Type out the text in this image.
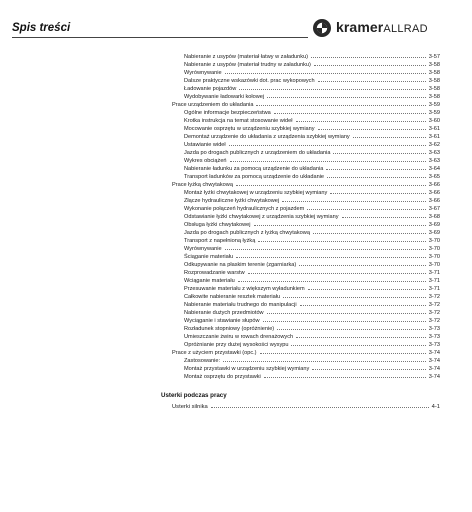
Spis treści	kramerALLRAD
Nabieranie z usypów (materiał łatwy w załadunku)	3-57
Nabieranie z usypów (materiał trudny w załadunku)	3-58
Wyrównywanie	3-58
Dalsze praktyczne wskazówki dot. prac wykopowych	3-58
Ładowanie pojazdów	3-58
Wydobywanie ładowarki kołowej	3-58
Prace urządzeniem do układania	3-59
Ogólne informacje bezpieczeństwa	3-59
Krotka instrukcja na temat stosowanie wideł	3-60
Mocowanie osprzętu w urządzeniu szybkiej wymiany	3-61
Demontaż urządzenie do układania z urządzenia szybkiej wymiany	3-61
Ustawianie wideł	3-62
Jazda po drogach publicznych z urządzeniem do układania	3-63
Wykres obciążeń	3-63
Nabieranie ładunku za pomocą urządzenie do układania	3-64
Transport ładunków za pomocą urządzenie do układanie	3-65
Prace łyżką chwytakową	3-66
Montaż łyżki chwytakowej w urządzeniu szybkiej wymiany	3-66
Złącze hydrauliczne łyżki chwytakowej	3-66
Wykonanie połączeń hydraulicznych z pojazdem	3-67
Odstawianie łyżki chwytakowej z urządzenia szybkiej wymiany	3-68
Obsługa łyżki chwytakowej	3-69
Jazda po drogach publicznych z łyżką chwytakową	3-69
Transport z napełnioną łyżką	3-70
Wyrównywanie	3-70
Ściąganie materiału	3-70
Odkupywanie na płaskim terenie (zgarniarka)	3-70
Rozprowadzanie warstw	3-71
Wciąganie materiału	3-71
Przesuwanie materiału z większym wyładunkiem	3-71
Całkowite nabieranie resztek materiału	3-72
Nabieranie materiału trudnego do manipulacji	3-72
Nabieranie dużych przedmiotów	3-72
Wyciąganie i stawianie słupów	3-72
Rozładunek stopniowy (opróżnienie)	3-73
Umieszczanie żwiru w rowach drenażowych	3-73
Opróżnianie przy dużej wysokości wysypu	3-73
Prace z użyciem przystawki (opc.)	3-74
Zastosowanie:	3-74
Montaż przystawki w urządzeniu szybkiej wymiany	3-74
Montaż osprzętu do przystawki	3-74
Usterki podczas pracy
Usterki silnika	4-1
